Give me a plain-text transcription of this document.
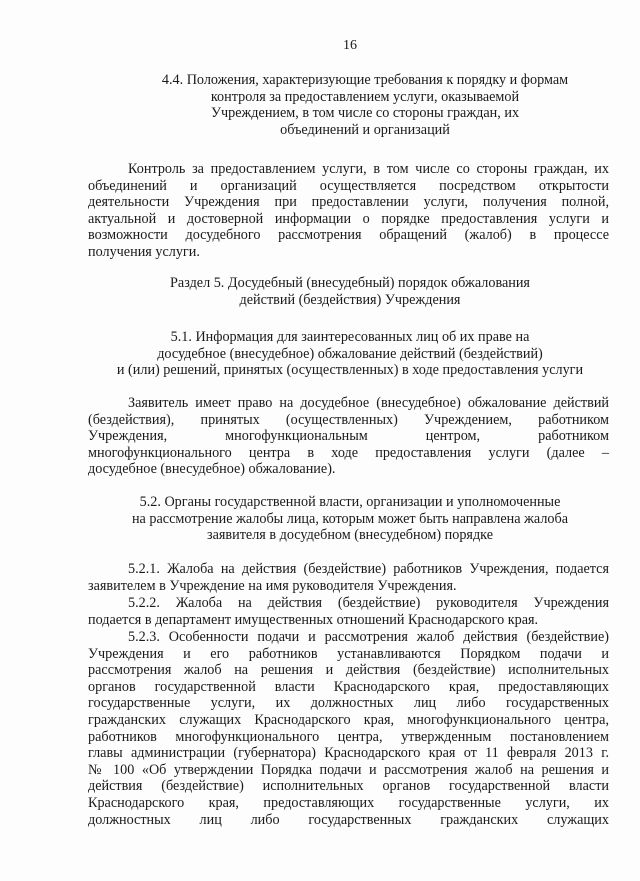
16
4.4. Положения, характеризующие требования к порядку и формам
контроля за предоставлением услуги, оказываемой
Учреждением, в том числе со стороны граждан, их
объединений и организаций
Контроль за предоставлением услуги, в том числе со стороны граждан, их
объединений и организаций осуществляется посредством открытости
деятельности Учреждения при предоставлении услуги, получения полной,
актуальной и достоверной информации о порядке предоставления услуги и
возможности досудебного рассмотрения обращений (жалоб) в процессе
получения услуги.
Раздел 5. Досудебный (внесудебный) порядок обжалования
действий (бездействия) Учреждения
5.1. Информация для заинтересованных лиц об их праве на
досудебное (внесудебное) обжалование действий (бездействий)
и (или) решений, принятых (осуществленных) в ходе предоставления услуги
Заявитель имеет право на досудебное (внесудебное) обжалование действий
(бездействия), принятых (осуществленных) Учреждением, работником
Учреждения, многофункциональным центром, работником
многофункционального центра в ходе предоставления услуги (далее –
досудебное (внесудебное) обжалование).
5.2. Органы государственной власти, организации и уполномоченные
на рассмотрение жалобы лица, которым может быть направлена жалоба
заявителя в досудебном (внесудебном) порядке
5.2.1. Жалоба на действия (бездействие) работников Учреждения, подается
заявителем в Учреждение на имя руководителя Учреждения.
5.2.2. Жалоба на действия (бездействие) руководителя Учреждения
подается в департамент имущественных отношений Краснодарского края.
5.2.3. Особенности подачи и рассмотрения жалоб действия (бездействие)
Учреждения и его работников устанавливаются Порядком подачи и
рассмотрения жалоб на решения и действия (бездействие) исполнительных
органов государственной власти Краснодарского края, предоставляющих
государственные услуги, их должностных лиц либо государственных
гражданских служащих Краснодарского края, многофункционального центра,
работников многофункционального центра, утвержденным постановлением
главы администрации (губернатора) Краснодарского края от 11 февраля 2013 г.
№ 100 «Об утверждении Порядка подачи и рассмотрения жалоб на решения и
действия (бездействие) исполнительных органов государственной власти
Краснодарского края, предоставляющих государственные услуги, их
должностных лиц либо государственных гражданских служащих
